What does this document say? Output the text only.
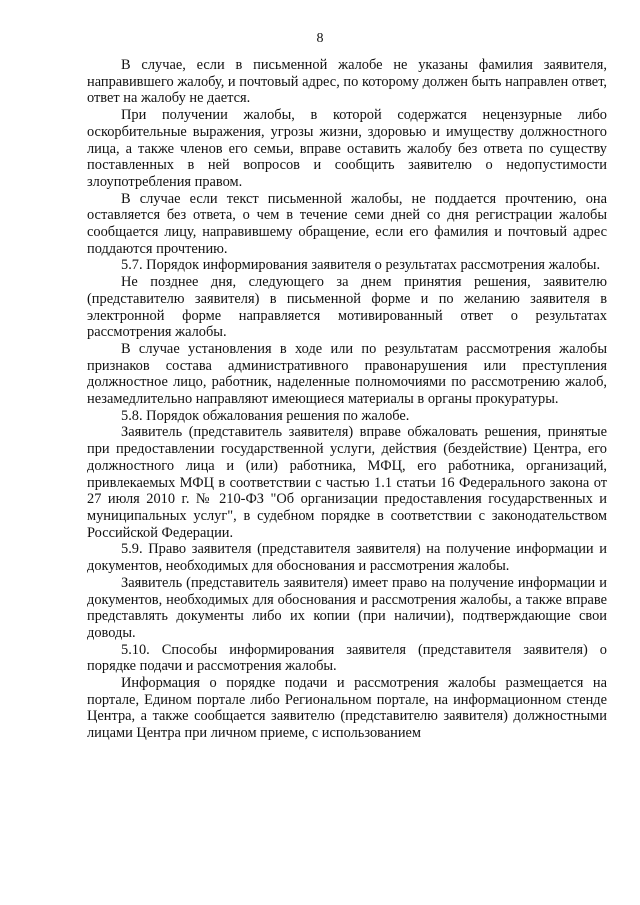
8

В случае, если в письменной жалобе не указаны фамилия заявителя, направившего жалобу, и почтовый адрес, по которому должен быть направлен ответ, ответ на жалобу не дается.

При получении жалобы, в которой содержатся нецензурные либо оскорбительные выражения, угрозы жизни, здоровью и имуществу должностного лица, а также членов его семьи, вправе оставить жалобу без ответа по существу поставленных в ней вопросов и сообщить заявителю о недопустимости злоупотребления правом.

В случае если текст письменной жалобы, не поддается прочтению, она оставляется без ответа, о чем в течение семи дней со дня регистрации жалобы сообщается лицу, направившему обращение, если его фамилия и почтовый адрес поддаются прочтению.

5.7. Порядок информирования заявителя о результатах рассмотрения жалобы.

Не позднее дня, следующего за днем принятия решения, заявителю (представителю заявителя) в письменной форме и по желанию заявителя в электронной форме направляется мотивированный ответ о результатах рассмотрения жалобы.

В случае установления в ходе или по результатам рассмотрения жалобы признаков состава административного правонарушения или преступления должностное лицо, работник, наделенные полномочиями по рассмотрению жалоб, незамедлительно направляют имеющиеся материалы в органы прокуратуры.

5.8. Порядок обжалования решения по жалобе.

Заявитель (представитель заявителя) вправе обжаловать решения, принятые при предоставлении государственной услуги, действия (бездействие) Центра, его должностного лица и (или) работника, МФЦ, его работника, организаций, привлекаемых МФЦ в соответствии с частью 1.1 статьи 16 Федерального закона от 27 июля 2010 г. № 210-ФЗ "Об организации предоставления государственных и муниципальных услуг", в судебном порядке в соответствии с законодательством Российской Федерации.

5.9. Право заявителя (представителя заявителя) на получение информации и документов, необходимых для обоснования и рассмотрения жалобы.

Заявитель (представитель заявителя) имеет право на получение информации и документов, необходимых для обоснования и рассмотрения жалобы, а также вправе представлять документы либо их копии (при наличии), подтверждающие свои доводы.

5.10. Способы информирования заявителя (представителя заявителя) о порядке подачи и рассмотрения жалобы.

Информация о порядке подачи и рассмотрения жалобы размещается на портале, Едином портале либо Региональном портале, на информационном стенде Центра, а также сообщается заявителю (представителю заявителя) должностными лицами Центра при личном приеме, с использованием
